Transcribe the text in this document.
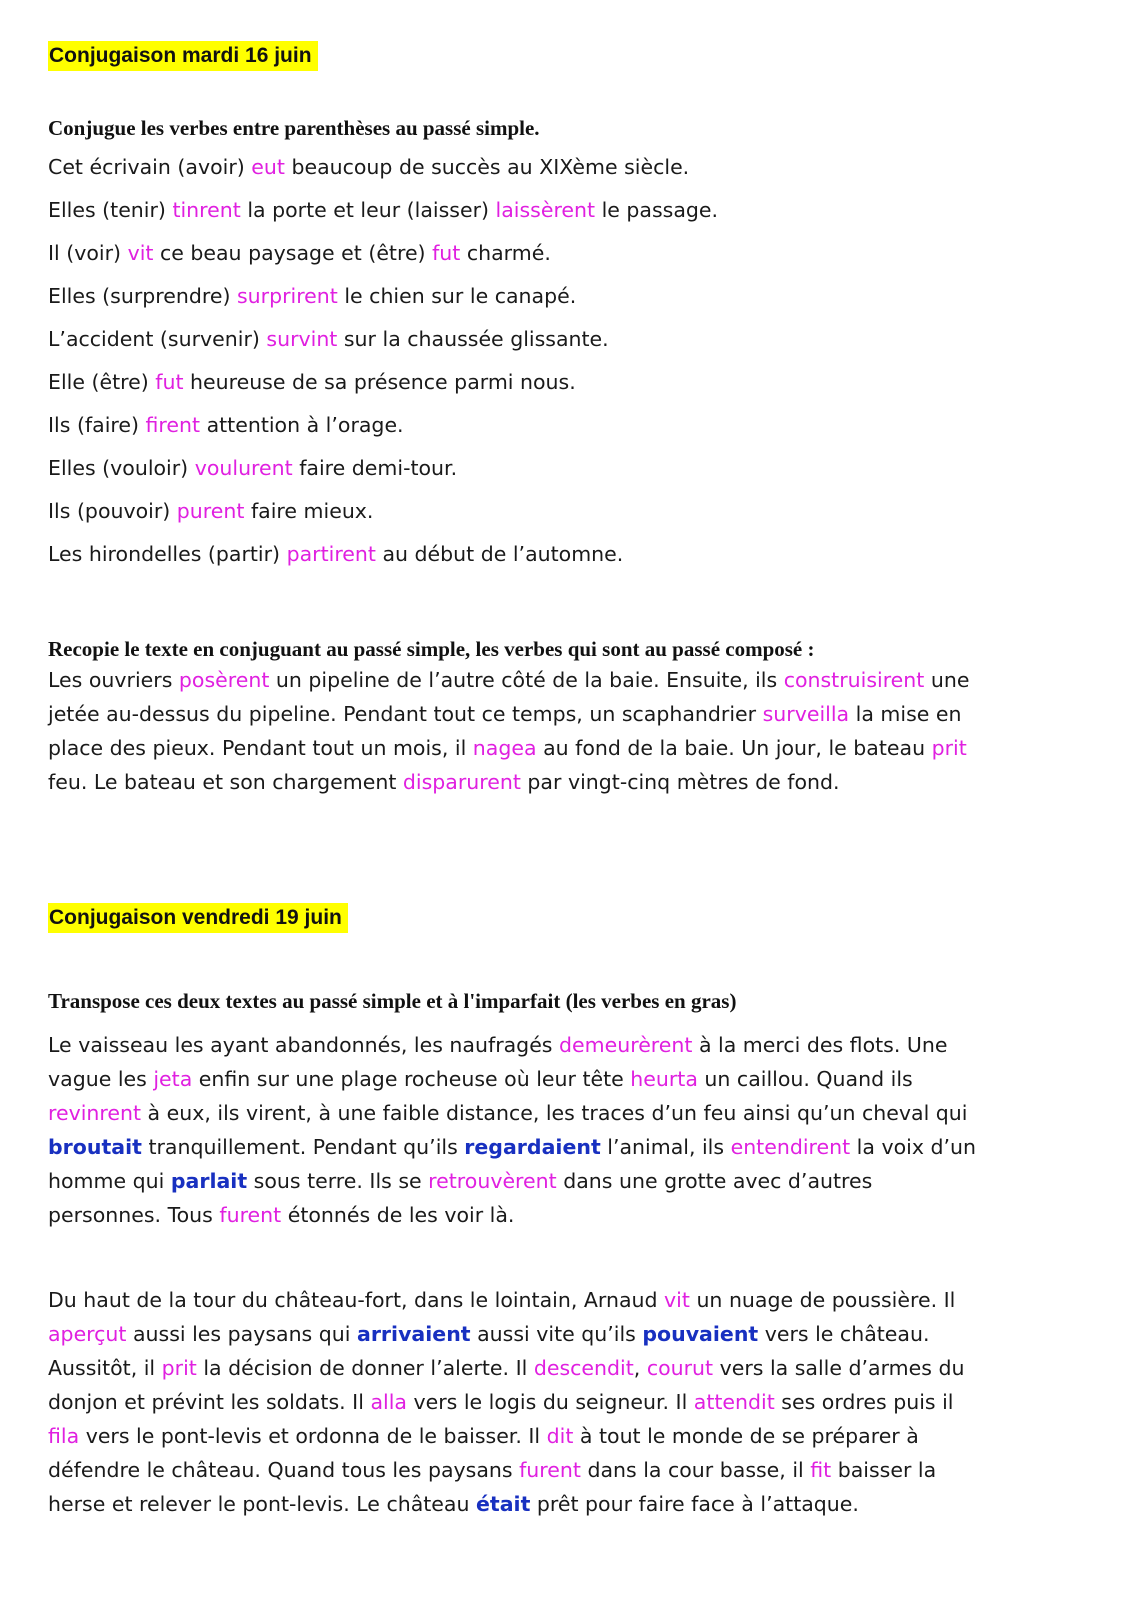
Conjugaison mardi 16 juin
Conjugue les verbes entre parenthèses au passé simple.
Cet écrivain (avoir) eut beaucoup de succès au XIXème siècle.
Elles (tenir) tinrent la porte et leur (laisser) laissèrent le passage.
Il (voir) vit ce beau paysage et (être) fut charmé.
Elles (surprendre) surprirent le chien sur le canapé.
L’accident (survenir) survint sur la chaussée glissante.
Elle (être) fut heureuse de sa présence parmi nous.
Ils (faire) firent attention à l’orage.
Elles (vouloir) voulurent faire demi-tour.
Ils (pouvoir) purent faire mieux.
Les hirondelles (partir) partirent au début de l’automne.
Recopie le texte en conjuguant au passé simple, les verbes qui sont au passé composé :
Les ouvriers posèrent un pipeline de l’autre côté de la baie. Ensuite, ils construisirent une
jetée au-dessus du pipeline. Pendant tout ce temps, un scaphandrier surveilla la mise en
place des pieux. Pendant tout un mois, il nagea au fond de la baie. Un jour, le bateau prit
feu. Le bateau et son chargement disparurent par vingt-cinq mètres de fond.
Conjugaison vendredi 19 juin
Transpose ces deux textes au passé simple et à l'imparfait (les verbes en gras)
Le vaisseau les ayant abandonnés, les naufragés demeurèrent à la merci des flots. Une
vague les jeta enfin sur une plage rocheuse où leur tête heurta un caillou. Quand ils
revinrent à eux, ils virent, à une faible distance, les traces d’un feu ainsi qu’un cheval qui
broutait tranquillement. Pendant qu’ils regardaient l’animal, ils entendirent la voix d’un
homme qui parlait sous terre. Ils se retrouvèrent dans une grotte avec d’autres
personnes. Tous furent étonnés de les voir là.
Du haut de la tour du château-fort, dans le lointain, Arnaud vit un nuage de poussière. Il
aperçut aussi les paysans qui arrivaient aussi vite qu’ils pouvaient vers le château.
Aussitôt, il prit la décision de donner l’alerte. Il descendit, courut vers la salle d’armes du
donjon et prévint les soldats. Il alla vers le logis du seigneur. Il attendit ses ordres puis il
fila vers le pont-levis et ordonna de le baisser. Il dit à tout le monde de se préparer à
défendre le château. Quand tous les paysans furent dans la cour basse, il fit baisser la
herse et relever le pont-levis. Le château était prêt pour faire face à l’attaque.
